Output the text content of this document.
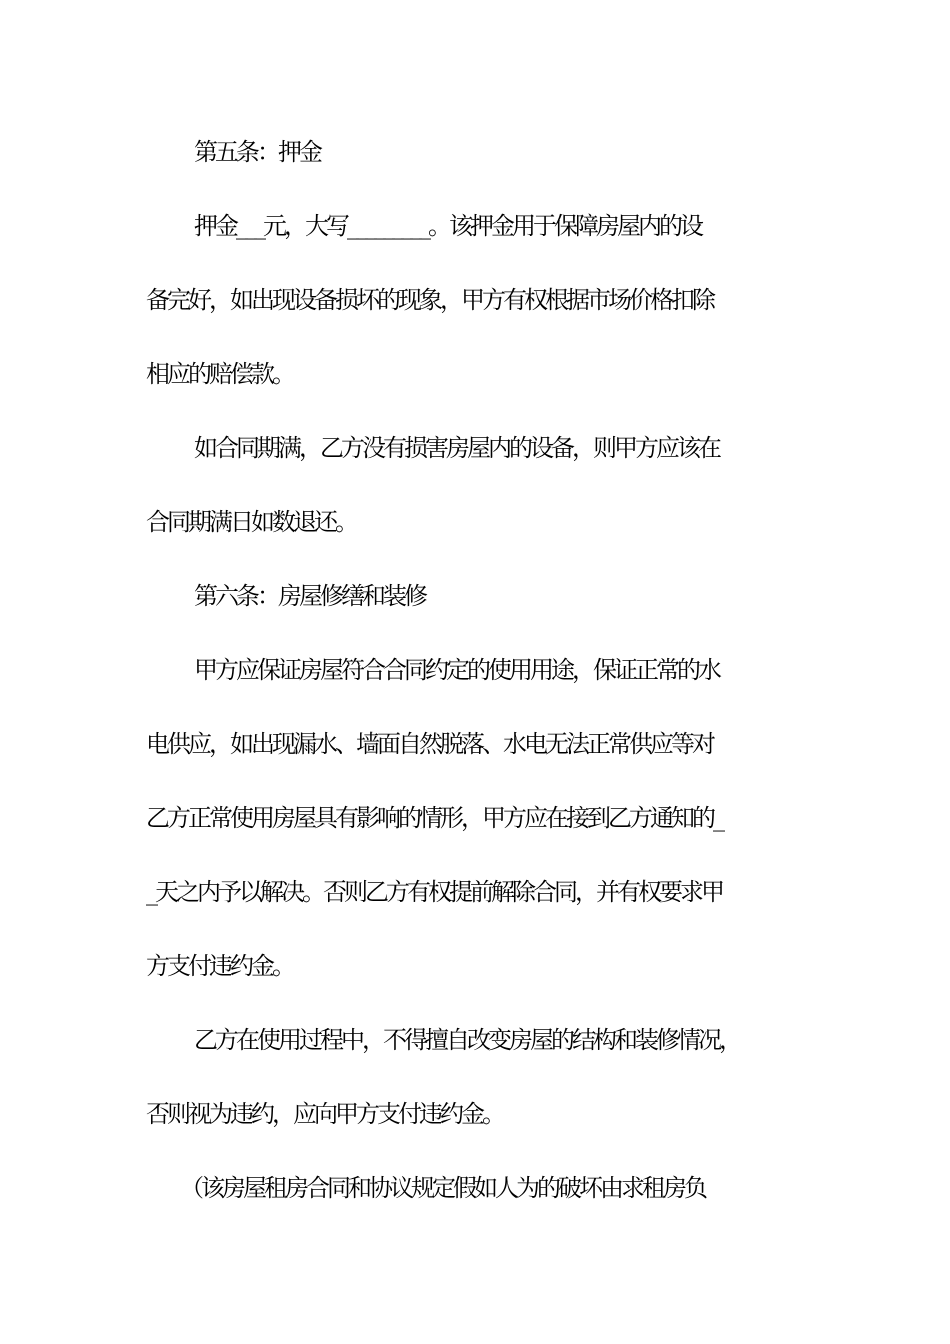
第五条：押金
押金___元，大写_________。该押金用于保障房屋内的设
备完好，如出现设备损坏的现象，甲方有权根据市场价格扣除
相应的赔偿款。
如合同期满，乙方没有损害房屋内的设备，则甲方应该在
合同期满日如数退还。
第六条：房屋修缮和装修
甲方应保证房屋符合合同约定的使用用途，保证正常的水
电供应，如出现漏水、墙面自然脱落、水电无法正常供应等对
乙方正常使用房屋具有影响的情形，甲方应在接到乙方通知的_
_天之内予以解决。否则乙方有权提前解除合同，并有权要求甲
方支付违约金。
乙方在使用过程中，不得擅自改变房屋的结构和装修情况，
否则视为违约，应向甲方支付违约金。
（该房屋租房合同和协议规定假如人为的破坏由求租房负
